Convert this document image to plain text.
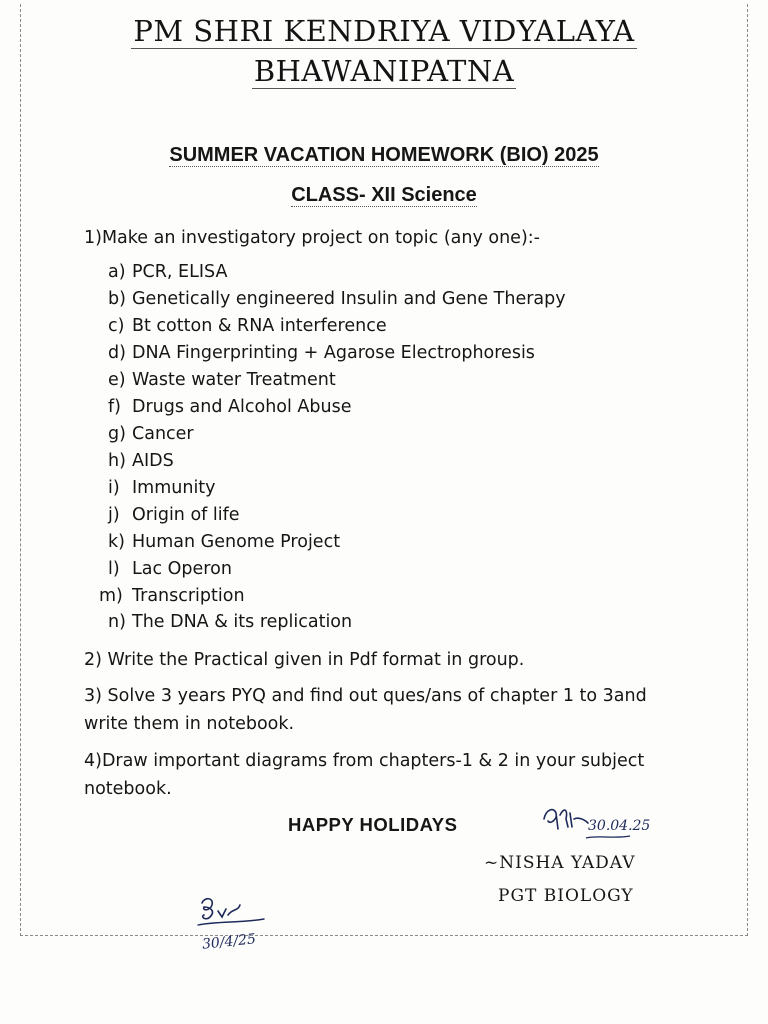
PM SHRI KENDRIYA VIDYALAYA
BHAWANIPATNA
SUMMER VACATION HOMEWORK (BIO) 2025
CLASS- XII Science
1)Make an investigatory project on topic (any one):-
a) PCR, ELISA
b) Genetically engineered Insulin and Gene Therapy
c) Bt cotton & RNA interference
d) DNA Fingerprinting + Agarose Electrophoresis
e) Waste water Treatment
f) Drugs and Alcohol Abuse
g) Cancer
h) AIDS
i) Immunity
j) Origin of life
k) Human Genome Project
l) Lac Operon
m) Transcription
n) The DNA & its replication
2) Write the Practical given in Pdf format in group.
3) Solve 3 years PYQ and find out ques/ans of chapter 1 to 3and
write them in notebook.
4)Draw important diagrams from chapters-1 & 2 in your subject
notebook.
HAPPY HOLIDAYS	30.04.25
~NISHA YADAV
PGT BIOLOGY
30/4/25
